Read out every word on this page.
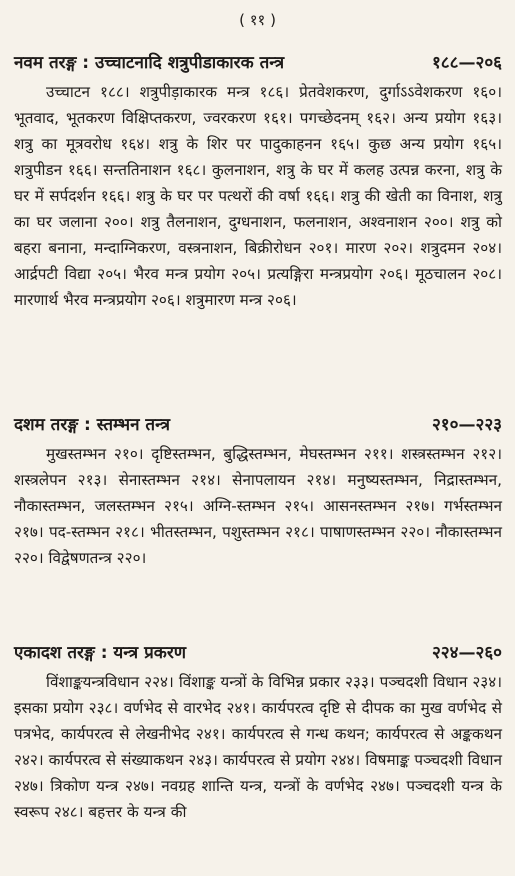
( ११ )
नवम तरङ्ग : उच्चाटनादि शत्रुपीडाकारक तन्त्र	१८८—२०६

उच्चाटन १८८। शत्रुपीड़ाकारक मन्त्र १८६। प्रेतवेशकरण, दुर्गाऽऽवेशकरण १६०। भूतवाद, भूतकरण विक्षिप्तकरण, ज्वरकरण १६१। पगच्छेदनम् १६२। अन्य प्रयोग १६३। शत्रु का मूत्रवरोध १६४। शत्रु के शिर पर पादुकाहनन १६५। कुछ अन्य प्रयोग १६५। शत्रुपीडन १६६। सन्ततिनाशन १६८। कुलनाशन, शत्रु के घर में कलह उत्पन्न करना, शत्रु के घर में सर्पदर्शन १६६। शत्रु के घर पर पत्थरों की वर्षा १६६। शत्रु की खेती का विनाश, शत्रु का घर जलाना २००। शत्रु तैलनाशन, दुग्धनाशन, फलनाशन, अश्वनाशन २००। शत्रु को बहरा बनाना, मन्दाग्निकरण, वस्त्रनाशन, बिक्रीरोधन २०१। मारण २०२। शत्रुदमन २०४। आर्द्रपटी विद्या २०५। भैरव मन्त्र प्रयोग २०५। प्रत्यङ्गिरा मन्त्रप्रयोग २०६। मूठचालन २०८। मारणार्थ भैरव मन्त्रप्रयोग २०६। शत्रुमारण मन्त्र २०६।

दशम तरङ्ग : स्तम्भन तन्त्र	२१०—२२३

मुखस्तम्भन २१०। दृष्टिस्तम्भन, बुद्धिस्तम्भन, मेघस्तम्भन २११। शस्त्रस्तम्भन २१२। शस्त्रलेपन २१३। सेनास्तम्भन २१४। सेनापलायन २१४। मनुष्यस्तम्भन, निद्रास्तम्भन, नौकास्तम्भन, जलस्तम्भन २१५। अग्नि-स्तम्भन २१५। आसनस्तम्भन २१७। गर्भस्तम्भन २१७। पद-स्तम्भन २१८। भीतस्तम्भन, पशुस्तम्भन २१८। पाषाणस्तम्भन २२०। नौकास्तम्भन २२०। विद्वेषणतन्त्र २२०।

एकादश तरङ्ग : यन्त्र प्रकरण	२२४—२६०

विंशाङ्कयन्त्रविधान २२४। विंशाङ्क यन्त्रों के विभिन्न प्रकार २३३। पञ्चदशी विधान २३४। इसका प्रयोग २३८। वर्णभेद से वारभेद २४१। कार्यपरत्व दृष्टि से दीपक का मुख वर्णभेद से पत्रभेद, कार्यपरत्व से लेखनीभेद २४१। कार्यपरत्व से गन्ध कथन; कार्यपरत्व से अङ्ककथन २४२। कार्यपरत्व से संख्याकथन २४३। कार्यपरत्व से प्रयोग २४४। विषमाङ्क पञ्चदशी विधान २४७। त्रिकोण यन्त्र २४७। नवग्रह शान्ति यन्त्र, यन्त्रों के वर्णभेद २४७। पञ्चदशी यन्त्र के स्वरूप २४८। बहत्तर के यन्त्र की
